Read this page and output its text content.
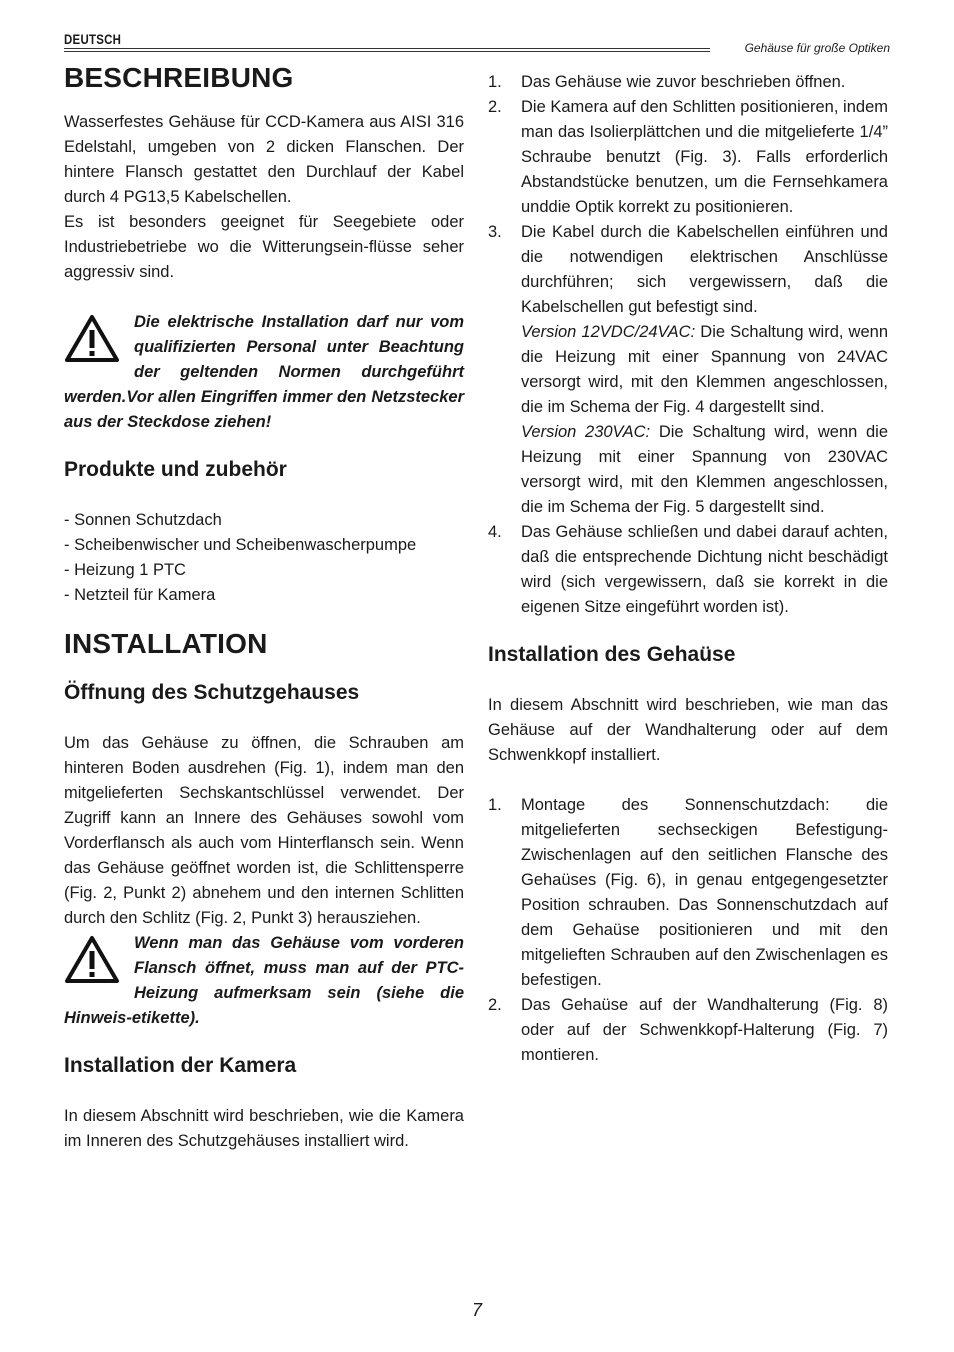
DEUTSCH
Gehäuse für große Optiken
BESCHREIBUNG

Wasserfestes Gehäuse für CCD-Kamera aus AISI 316 Edelstahl, umgeben von 2 dicken Flanschen. Der hintere Flansch gestattet den Durchlauf der Kabel durch 4 PG13,5 Kabelschellen.

Es ist besonders geeignet für Seegebiete oder Industriebetriebe wo die Witterungsein-flüsse seher aggressiv sind.

Die elektrische Installation darf nur vom qualifizierten Personal unter Beachtung der geltenden Normen durchgeführt werden.Vor allen Eingriffen immer den Netzstecker aus der Steckdose ziehen!
Produkte und zubehör
- Sonnen Schutzdach
- Scheibenwischer und Scheibenwascherpumpe
- Heizung 1 PTC
- Netzteil für Kamera
INSTALLATION
Öffnung des Schutzgehauses

Um das Gehäuse zu öffnen, die Schrauben am hinteren Boden ausdrehen (Fig. 1), indem man den mitgelieferten Sechskantschlüssel verwendet. Der Zugriff kann an Innere des Gehäuses sowohl vom Vorderflansch als auch vom Hinterflansch sein. Wenn das Gehäuse geöffnet worden ist, die Schlittensperre (Fig. 2, Punkt 2) abnehem und den internen Schlitten durch den Schlitz (Fig. 2, Punkt 3) herausziehen.

Wenn man das Gehäuse vom vorderen Flansch öffnet, muss man auf der PTC-Heizung aufmerksam sein (siehe die Hinweis-etikette).
Installation der Kamera

In diesem Abschnitt wird beschrieben, wie die Kamera im Inneren des Schutzgehäuses installiert wird.

1. Das Gehäuse wie zuvor beschrieben öffnen.
2. Die Kamera auf den Schlitten positionieren, indem man das Isolierplättchen und die mitgelieferte 1/4” Schraube benutzt (Fig. 3). Falls erforderlich Abstandstücke benutzen, um die Fernsehkamera unddie Optik korrekt zu positionieren.
3. Die Kabel durch die Kabelschellen einführen und die notwendigen elektrischen Anschlüsse durchführen; sich vergewissern, daß die Kabelschellen gut befestigt sind.
Version 12VDC/24VAC: Die Schaltung wird, wenn die Heizung mit einer Spannung von 24VAC versorgt wird, mit den Klemmen angeschlossen, die im Schema der Fig. 4 dargestellt sind.
Version 230VAC: Die Schaltung wird, wenn die Heizung mit einer Spannung von 230VAC versorgt wird, mit den Klemmen angeschlossen, die im Schema der Fig. 5 dargestellt sind.
4. Das Gehäuse schließen und dabei darauf achten, daß die entsprechende Dichtung nicht beschädigt wird (sich vergewissern, daß sie korrekt in die eigenen Sitze eingeführt worden ist).
Installation des Gehaüse

In diesem Abschnitt wird beschrieben, wie man das Gehäuse auf der Wandhalterung oder auf dem Schwenkkopf installiert.

1. Montage des Sonnenschutzdach: die mitgelieferten sechseckigen Befestigung-Zwischenlagen auf den seitlichen Flansche des Gehaüses (Fig. 6), in genau entgegengesetzter Position schrauben. Das Sonnenschutzdach auf dem Gehaüse positionieren und mit den mitgelieften Schrauben auf den Zwischenlagen es befestigen.
2. Das Gehaüse auf der Wandhalterung (Fig. 8) oder auf der Schwenkkopf-Halterung (Fig. 7) montieren.
7
